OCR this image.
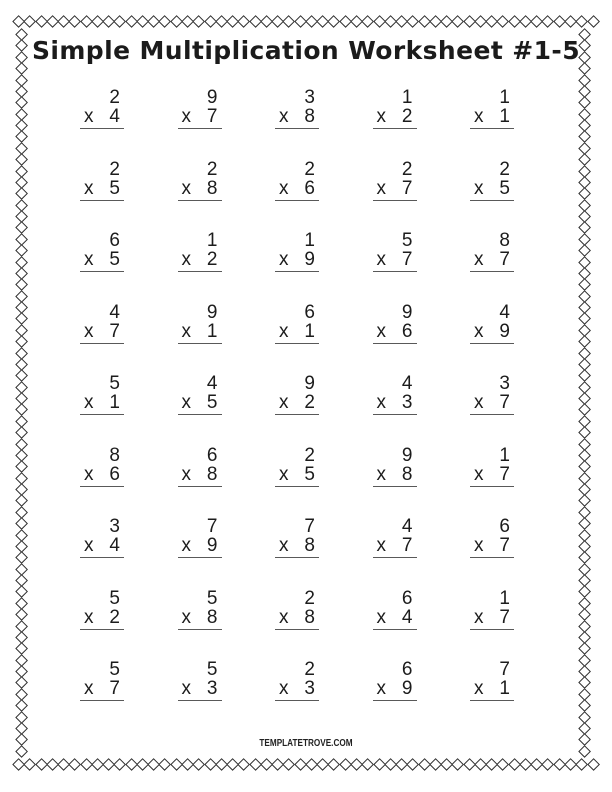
Simple Multiplication Worksheet #1-5
2
x 4
9
x 7
3
x 8
1
x 2
1
x 1
2
x 5
2
x 8
2
x 6
2
x 7
2
x 5
6
x 5
1
x 2
1
x 9
5
x 7
8
x 7
4
x 7
9
x 1
6
x 1
9
x 6
4
x 9
5
x 1
4
x 5
9
x 2
4
x 3
3
x 7
8
x 6
6
x 8
2
x 5
9
x 8
1
x 7
3
x 4
7
x 9
7
x 8
4
x 7
6
x 7
5
x 2
5
x 8
2
x 8
6
x 4
1
x 7
5
x 7
5
x 3
2
x 3
6
x 9
7
x 1
TEMPLATETROVE.COM
